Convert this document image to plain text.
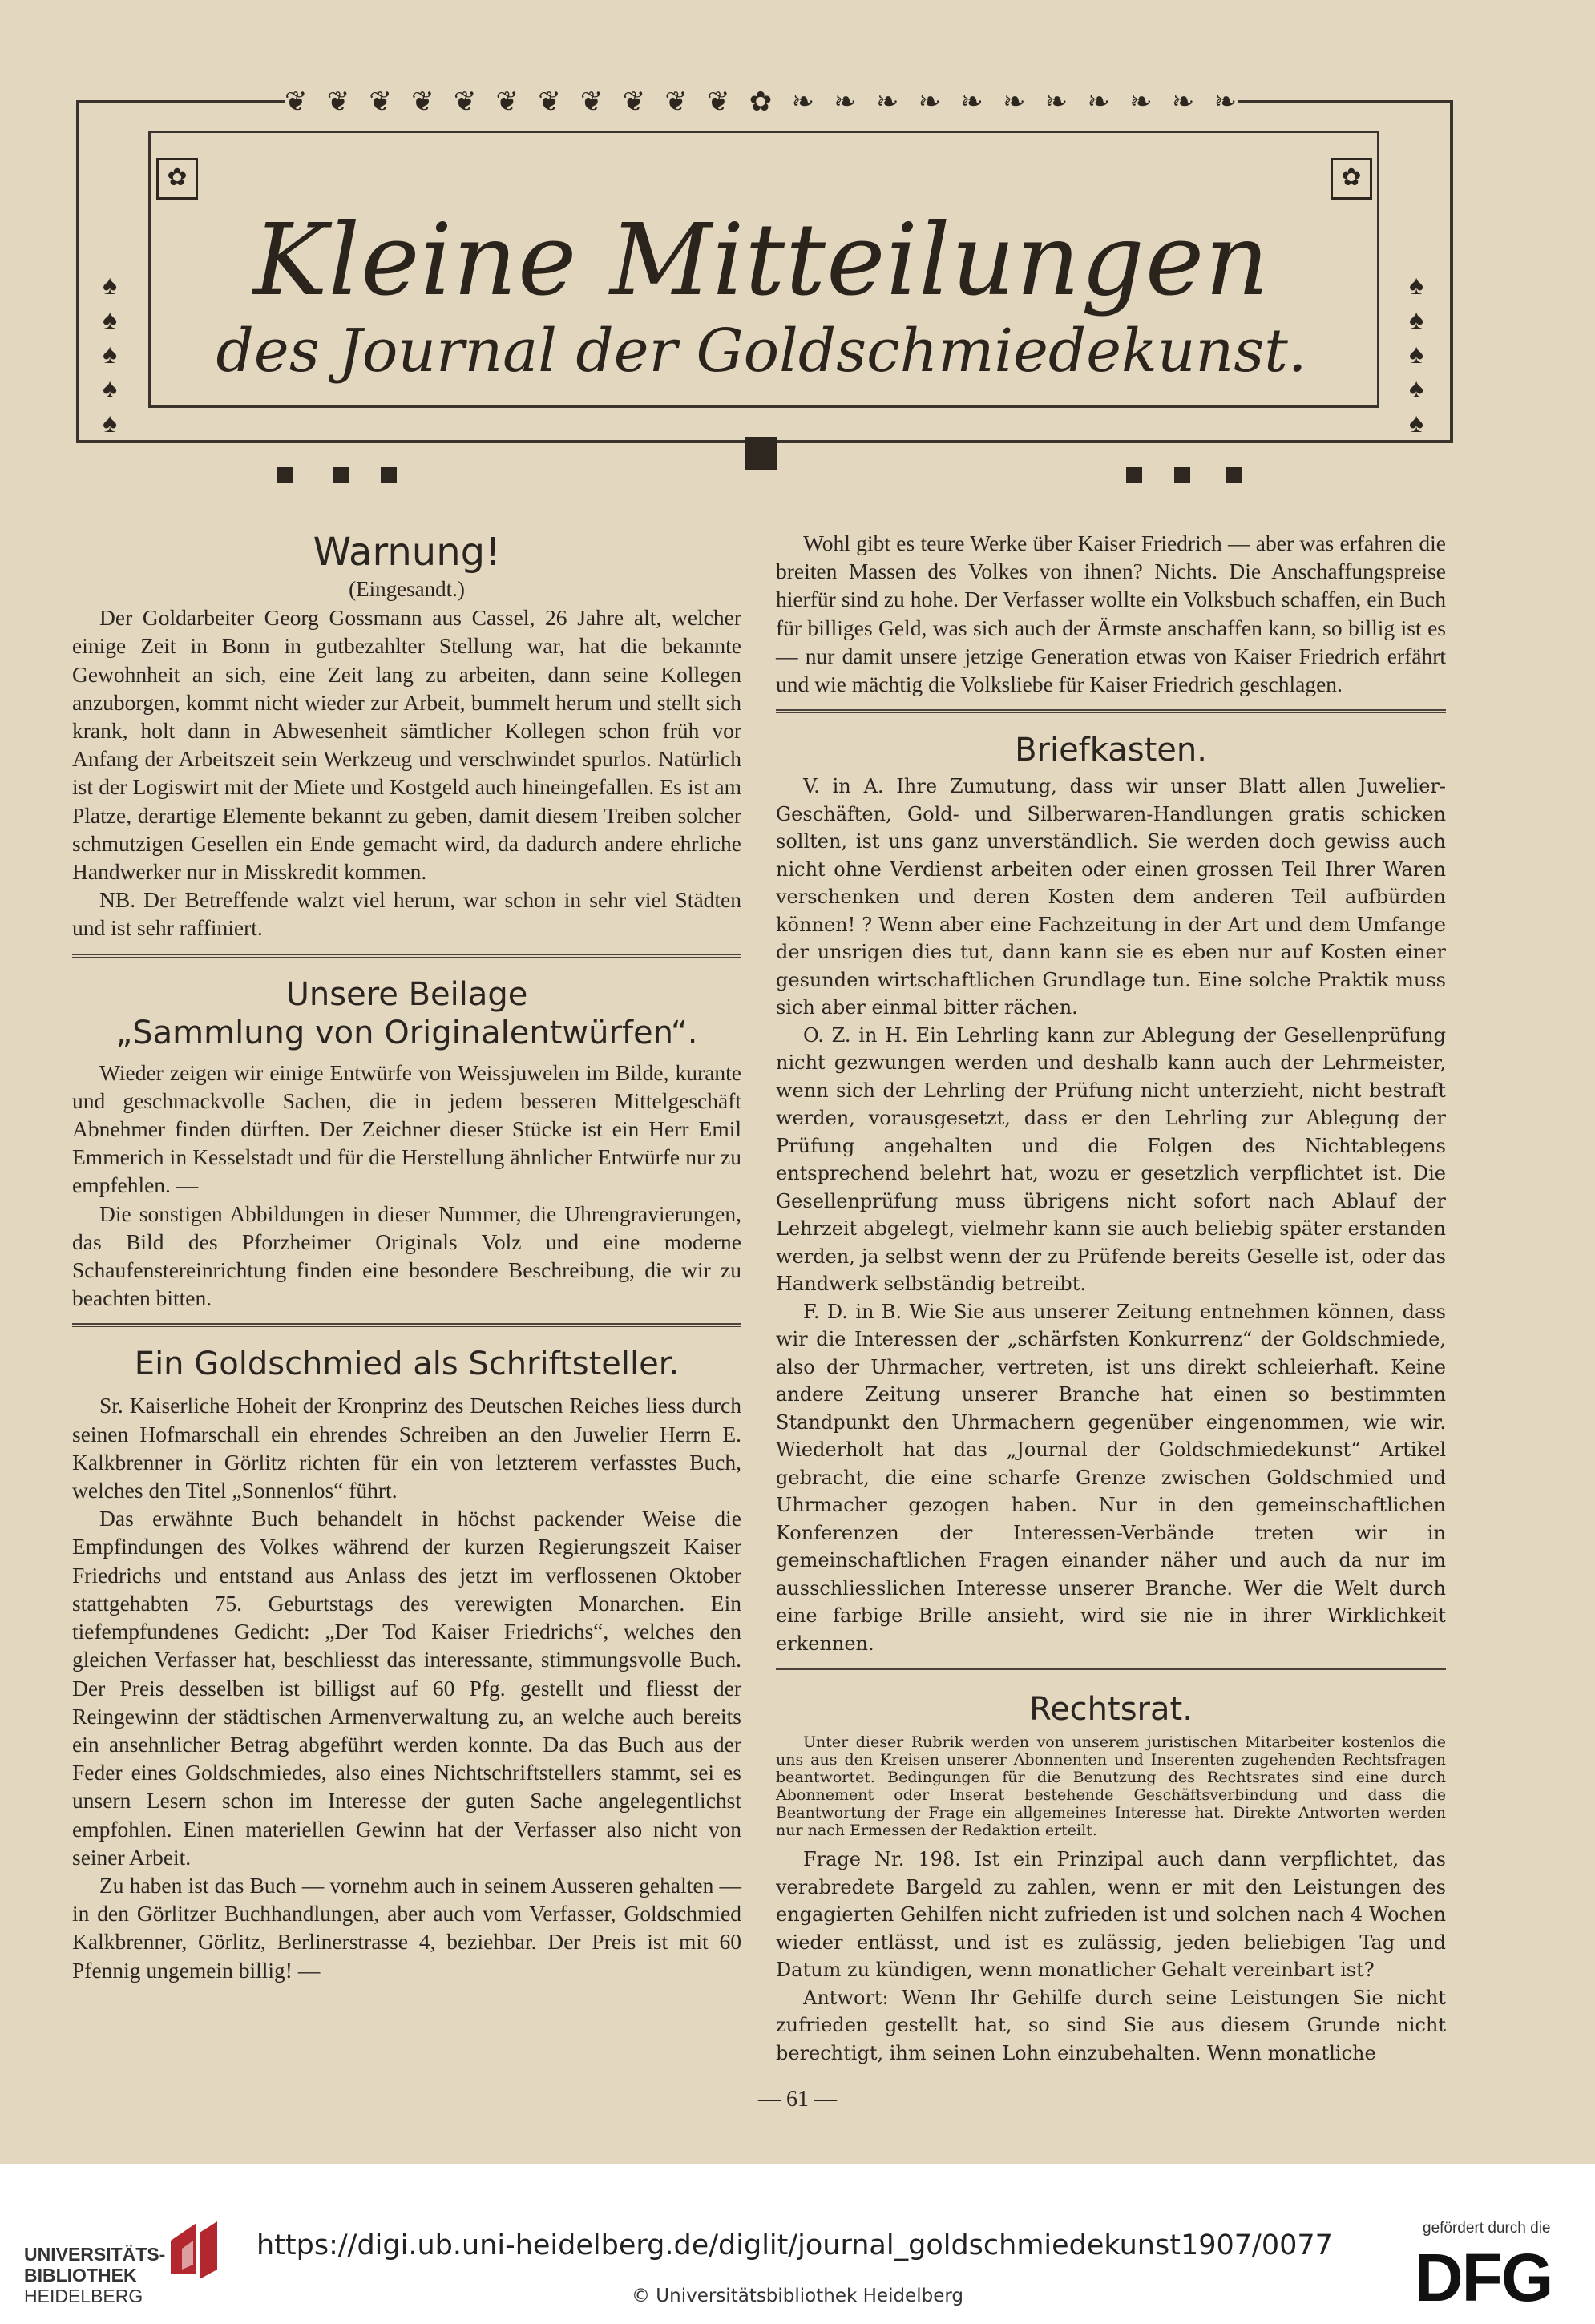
❦ ❦ ❦ ❦ ❦ ❦ ❦ ❦ ❦ ❦ ❦ ✿ ❧ ❧ ❧ ❧ ❧ ❧ ❧ ❧ ❧ ❧ ❧
✿	✿
♠
♠
♠
♠
♠
♠
♠
♠
♠
♠
Kleine Mitteilungen
des Journal der Goldschmiedekunst.
Warnung!
(Eingesandt.)

Der Goldarbeiter Georg Gossmann aus Cassel, 26 Jahre alt, welcher einige Zeit in Bonn in gutbezahlter Stellung war, hat die bekannte Gewohnheit an sich, eine Zeit lang zu arbeiten, dann seine Kollegen anzuborgen, kommt nicht wieder zur Arbeit, bummelt herum und stellt sich krank, holt dann in Abwesenheit sämtlicher Kollegen schon früh vor Anfang der Arbeitszeit sein Werkzeug und verschwindet spurlos. Natürlich ist der Logiswirt mit der Miete und Kostgeld auch hineingefallen. Es ist am Platze, derartige Elemente bekannt zu geben, damit diesem Treiben solcher schmutzigen Gesellen ein Ende gemacht wird, da dadurch andere ehrliche Handwerker nur in Misskredit kommen.

NB. Der Betreffende walzt viel herum, war schon in sehr viel Städten und ist sehr raffiniert.

Unsere Beilage
„Sammlung von Originalentwürfen“.

Wieder zeigen wir einige Entwürfe von Weissjuwelen im Bilde, kurante und geschmackvolle Sachen, die in jedem besseren Mittelgeschäft Abnehmer finden dürften. Der Zeichner dieser Stücke ist ein Herr Emil Emmerich in Kesselstadt und für die Herstellung ähnlicher Entwürfe nur zu empfehlen. —

Die sonstigen Abbildungen in dieser Nummer, die Uhrengravierungen, das Bild des Pforzheimer Originals Volz und eine moderne Schaufenstereinrichtung finden eine besondere Beschreibung, die wir zu beachten bitten.

Ein Goldschmied als Schriftsteller.

Sr. Kaiserliche Hoheit der Kronprinz des Deutschen Reiches liess durch seinen Hofmarschall ein ehrendes Schreiben an den Juwelier Herrn E. Kalkbrenner in Görlitz richten für ein von letzterem verfasstes Buch, welches den Titel „Sonnenlos“ führt.

Das erwähnte Buch behandelt in höchst packender Weise die Empfindungen des Volkes während der kurzen Regierungszeit Kaiser Friedrichs und entstand aus Anlass des jetzt im verflossenen Oktober stattgehabten 75. Geburtstags des verewigten Monarchen. Ein tiefempfundenes Gedicht: „Der Tod Kaiser Friedrichs“, welches den gleichen Verfasser hat, beschliesst das interessante, stimmungsvolle Buch. Der Preis desselben ist billigst auf 60 Pfg. gestellt und fliesst der Reingewinn der städtischen Armenverwaltung zu, an welche auch bereits ein ansehnlicher Betrag abgeführt werden konnte. Da das Buch aus der Feder eines Goldschmiedes, also eines Nichtschriftstellers stammt, sei es unsern Lesern schon im Interesse der guten Sache angelegentlichst empfohlen. Einen materiellen Gewinn hat der Verfasser also nicht von seiner Arbeit.

Zu haben ist das Buch — vornehm auch in seinem Ausseren gehalten — in den Görlitzer Buchhandlungen, aber auch vom Verfasser, Goldschmied Kalkbrenner, Görlitz, Berlinerstrasse 4, beziehbar. Der Preis ist mit 60 Pfennig ungemein billig! —

Wohl gibt es teure Werke über Kaiser Friedrich — aber was erfahren die breiten Massen des Volkes von ihnen? Nichts. Die Anschaffungspreise hierfür sind zu hohe. Der Verfasser wollte ein Volksbuch schaffen, ein Buch für billiges Geld, was sich auch der Ärmste anschaffen kann, so billig ist es — nur damit unsere jetzige Generation etwas von Kaiser Friedrich erfährt und wie mächtig die Volksliebe für Kaiser Friedrich geschlagen.

Briefkasten.

V. in A. Ihre Zumutung, dass wir unser Blatt allen Juwelier-Geschäften, Gold- und Silberwaren-Handlungen gratis schicken sollten, ist uns ganz unverständlich. Sie werden doch gewiss auch nicht ohne Verdienst arbeiten oder einen grossen Teil Ihrer Waren verschenken und deren Kosten dem anderen Teil aufbürden können! ? Wenn aber eine Fachzeitung in der Art und dem Umfange der unsrigen dies tut, dann kann sie es eben nur auf Kosten einer gesunden wirtschaftlichen Grundlage tun. Eine solche Praktik muss sich aber einmal bitter rächen.

O. Z. in H. Ein Lehrling kann zur Ablegung der Gesellenprüfung nicht gezwungen werden und deshalb kann auch der Lehrmeister, wenn sich der Lehrling der Prüfung nicht unterzieht, nicht bestraft werden, vorausgesetzt, dass er den Lehrling zur Ablegung der Prüfung angehalten und die Folgen des Nichtablegens entsprechend belehrt hat, wozu er gesetzlich verpflichtet ist. Die Gesellenprüfung muss übrigens nicht sofort nach Ablauf der Lehrzeit abgelegt, vielmehr kann sie auch beliebig später erstanden werden, ja selbst wenn der zu Prüfende bereits Geselle ist, oder das Handwerk selbständig betreibt.

F. D. in B. Wie Sie aus unserer Zeitung entnehmen können, dass wir die Interessen der „schärfsten Konkurrenz“ der Goldschmiede, also der Uhrmacher, vertreten, ist uns direkt schleierhaft. Keine andere Zeitung unserer Branche hat einen so bestimmten Standpunkt den Uhrmachern gegenüber eingenommen, wie wir. Wiederholt hat das „Journal der Goldschmiedekunst“ Artikel gebracht, die eine scharfe Grenze zwischen Goldschmied und Uhrmacher gezogen haben. Nur in den gemeinschaftlichen Konferenzen der Interessen-Verbände treten wir in gemeinschaftlichen Fragen einander näher und auch da nur im ausschliesslichen Interesse unserer Branche. Wer die Welt durch eine farbige Brille ansieht, wird sie nie in ihrer Wirklichkeit erkennen.

Rechtsrat.

Unter dieser Rubrik werden von unserem juristischen Mitarbeiter kostenlos die uns aus den Kreisen unserer Abonnenten und Inserenten zugehenden Rechtsfragen beantwortet. Bedingungen für die Benutzung des Rechtsrates sind eine durch Abonnement oder Inserat bestehende Geschäftsverbindung und dass die Beantwortung der Frage ein allgemeines Interesse hat. Direkte Antworten werden nur nach Ermessen der Redaktion erteilt.

Frage Nr. 198. Ist ein Prinzipal auch dann verpflichtet, das verabredete Bargeld zu zahlen, wenn er mit den Leistungen des engagierten Gehilfen nicht zufrieden ist und solchen nach 4 Wochen wieder entlässt, und ist es zulässig, jeden beliebigen Tag und Datum zu kündigen, wenn monatlicher Gehalt vereinbart ist?

Antwort: Wenn Ihr Gehilfe durch seine Leistungen Sie nicht zufrieden gestellt hat, so sind Sie aus diesem Grunde nicht berechtigt, ihm seinen Lohn einzubehalten. Wenn monatliche

— 61 —
UNIVERSITÄTS-
BIBLIOTHEK
HEIDELBERG
https://digi.ub.uni-heidelberg.de/diglit/journal_goldschmiedekunst1907/0077
© Universitätsbibliothek Heidelberg
gefördert durch die
DFG
